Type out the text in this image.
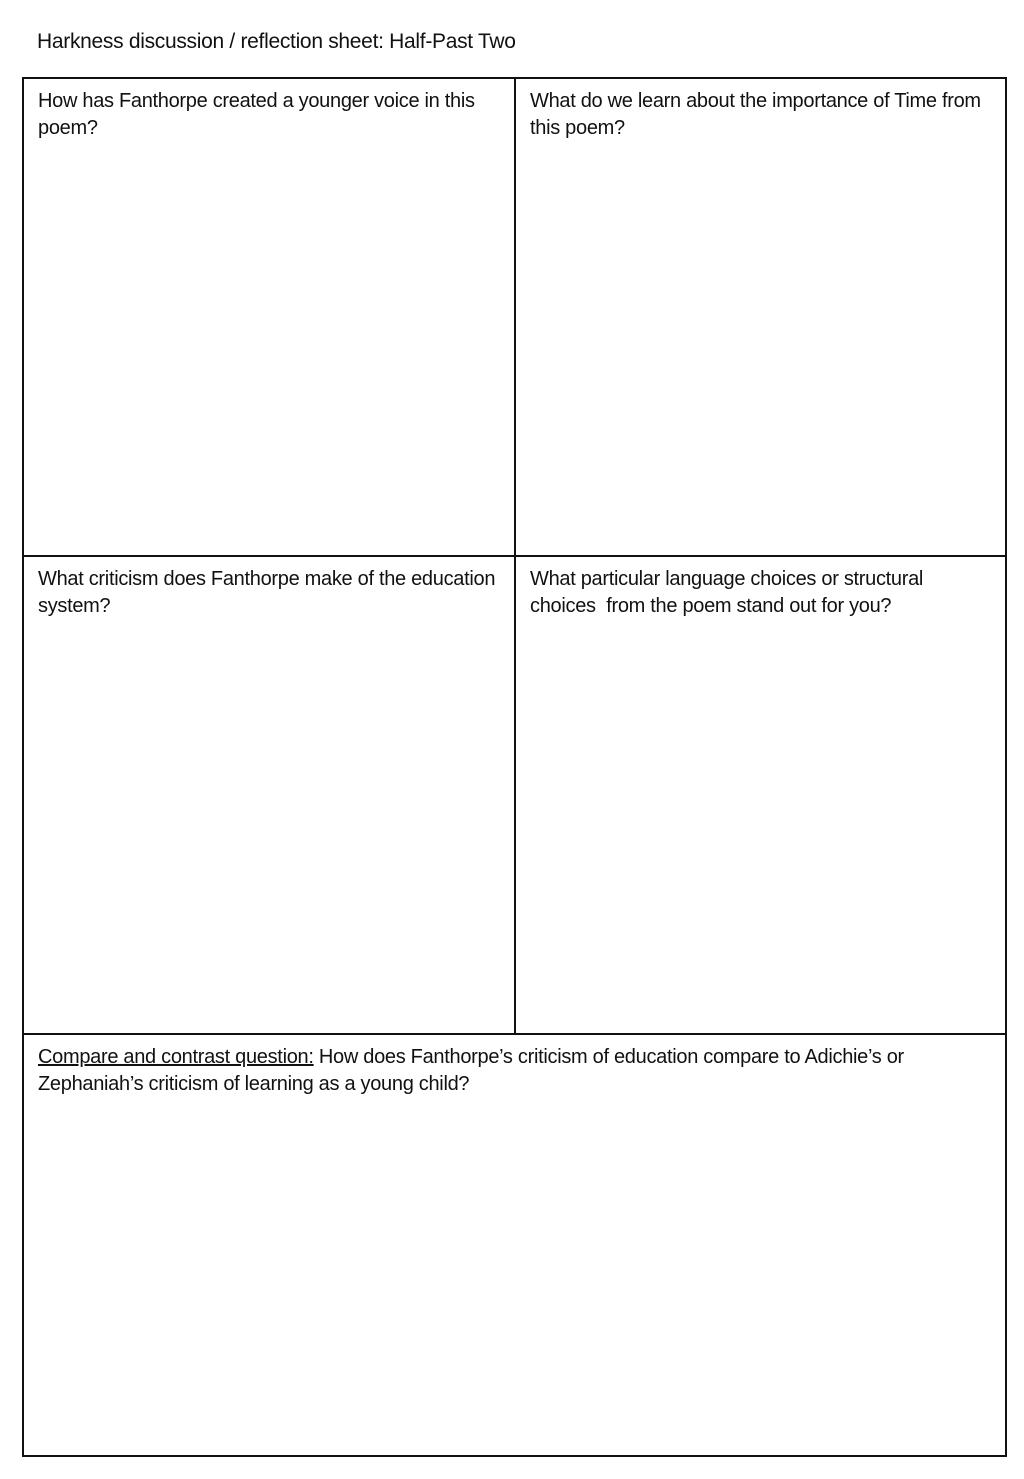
Harkness discussion / reflection sheet: Half-Past Two
How has Fanthorpe created a younger voice in this poem?
What do we learn about the importance of Time from this poem?
What criticism does Fanthorpe make of the education system?
What particular language choices or structural choices  from the poem stand out for you?
Compare and contrast question: How does Fanthorpe’s criticism of education compare to Adichie’s or Zephaniah’s criticism of learning as a young child?
